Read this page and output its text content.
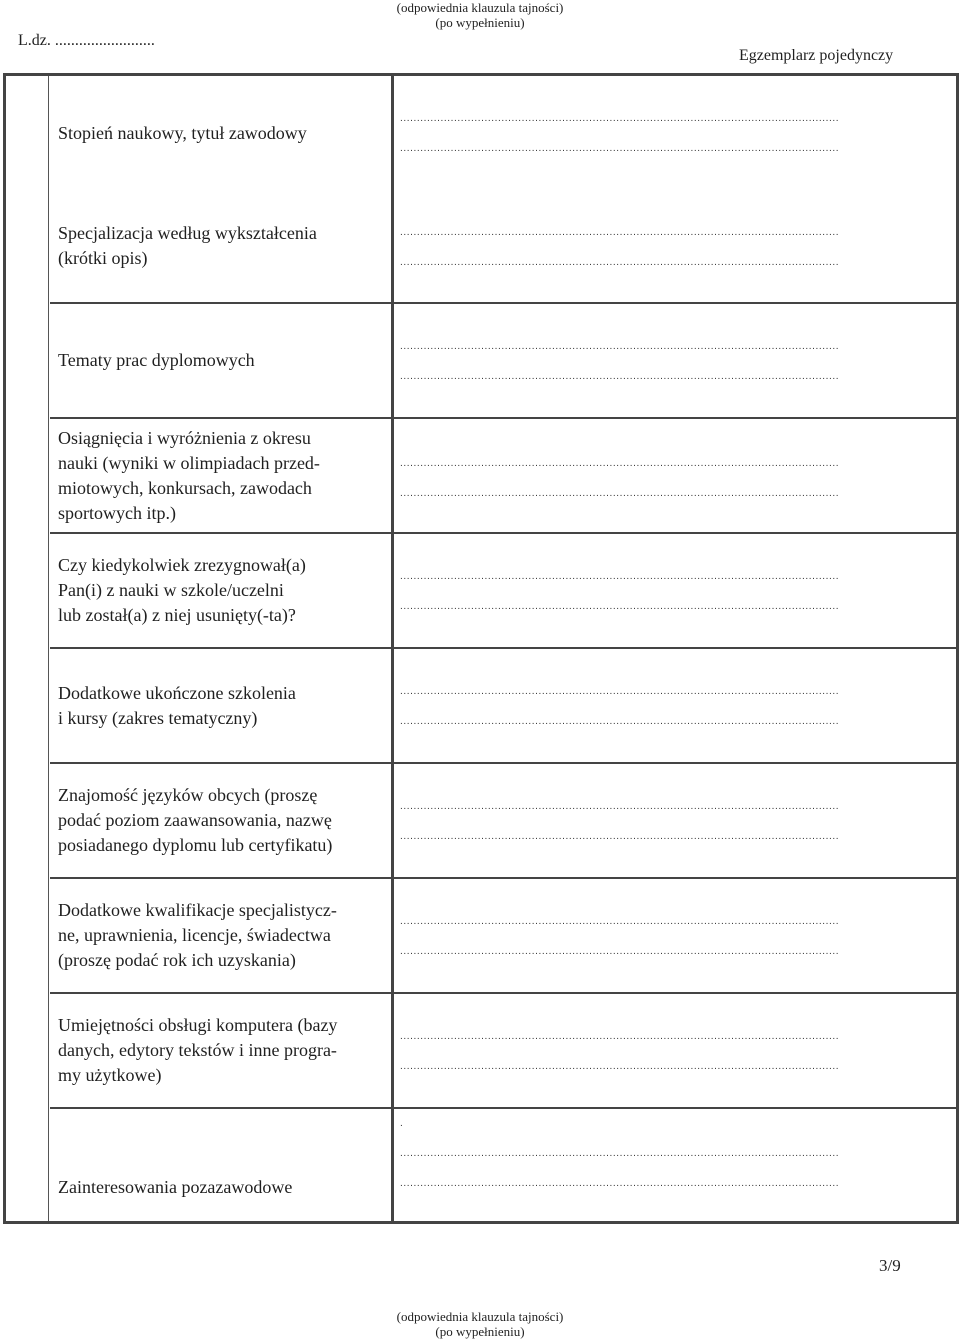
(odpowiednia klauzula tajności)
(po wypełnieniu)
L.dz. .........................
Egzemplarz pojedynczy
Stopień naukowy, tytuł zawodowy
..................................................................................................................................
..................................................................................................................................
Specjalizacja według wykształcenia
(krótki opis)
..................................................................................................................................
..................................................................................................................................
Tematy prac dyplomowych
..................................................................................................................................
..................................................................................................................................
Osiągnięcia i wyróżnienia z okresu
nauki (wyniki w olimpiadach przed-
miotowych, konkursach, zawodach
sportowych itp.)
..................................................................................................................................
..................................................................................................................................
Czy kiedykolwiek zrezygnował(a)
Pan(i) z nauki w szkole/uczelni
lub został(a) z niej usunięty(-ta)?
..................................................................................................................................
..................................................................................................................................
Dodatkowe ukończone szkolenia
i kursy (zakres tematyczny)
..................................................................................................................................
..................................................................................................................................
Znajomość języków obcych (proszę
podać poziom zaawansowania, nazwę
posiadanego dyplomu lub certyfikatu)
..................................................................................................................................
..................................................................................................................................
Dodatkowe kwalifikacje specjalistycz-
ne, uprawnienia, licencje, świadectwa
(proszę podać rok ich uzyskania)
..................................................................................................................................
..................................................................................................................................
Umiejętności obsługi komputera (bazy
danych, edytory tekstów i inne progra-
my użytkowe)
..................................................................................................................................
..................................................................................................................................
Zainteresowania pozazawodowe
.
..................................................................................................................................
..................................................................................................................................
3/9
(odpowiednia klauzula tajności)
(po wypełnieniu)
